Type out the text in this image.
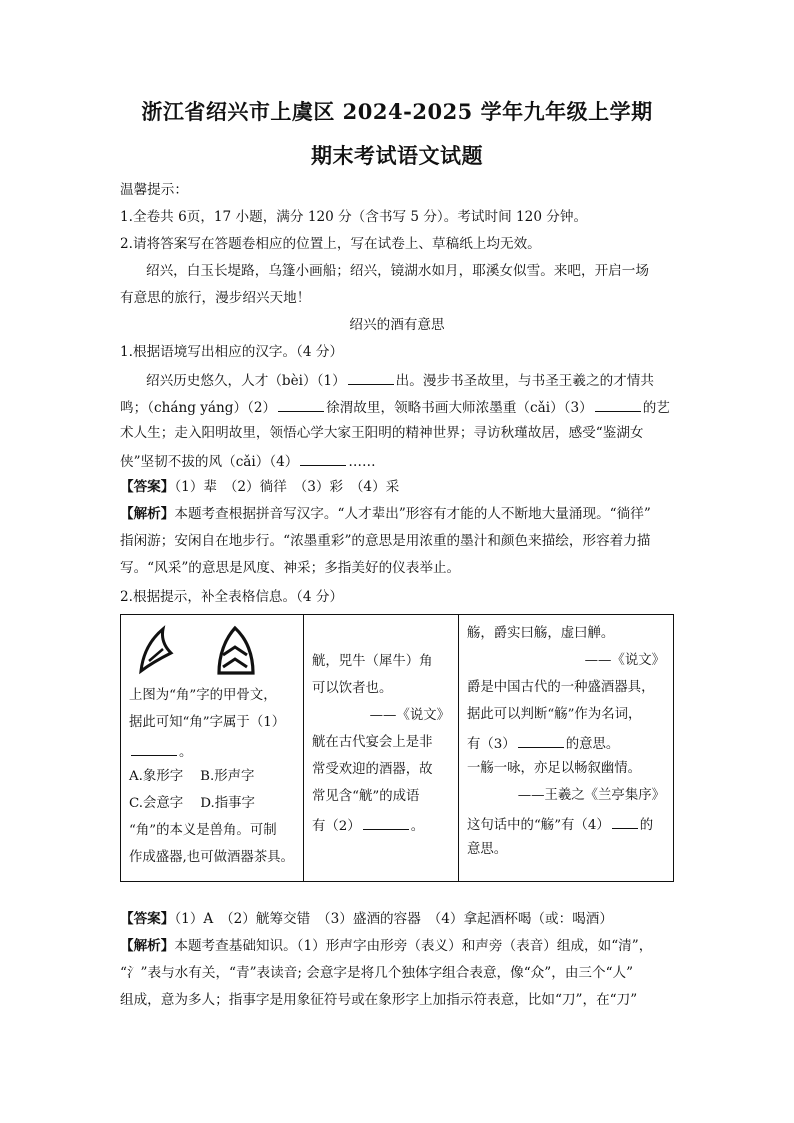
浙江省绍兴市上虞区 2024-2025 学年九年级上学期
期末考试语文试题
温馨提示：
1.全卷共 6页，17 小题，满分 120 分（含书写 5 分）。考试时间 120 分钟。
2.请将答案写在答题卷相应的位置上，写在试卷上、草稿纸上均无效。
绍兴，白玉长堤路，乌篷小画船；绍兴，镜湖水如月，耶溪女似雪。来吧，开启一场
有意思的旅行，漫步绍兴天地！
绍兴的酒有意思
1.根据语境写出相应的汉字。（4 分）
绍兴历史悠久，人才（bèi）（1）	出。漫步书圣故里，与书圣王羲之的才情共
鸣；（cháng yáng）（2）	徐渭故里，领略书画大师浓墨重（cǎi）（3）	的艺
术人生；走入阳明故里，领悟心学大家王阳明的精神世界；寻访秋瑾故居，感受“鉴湖女
侠”坚韧不拔的风（cǎi）（4）	……
【答案】（1）辈　（2）徜徉　（3）彩　（4）采
【解析】本题考查根据拼音写汉字。“人才辈出”形容有才能的人不断地大量涌现。“徜徉”
指闲游；安闲自在地步行。“浓墨重彩”的意思是用浓重的墨汁和颜色来描绘，形容着力描
写。“风采”的意思是风度、神采；多指美好的仪表举止。
2.根据提示，补全表格信息。（4 分）
上图为“角”字的甲骨文，
据此可知“角”字属于（1）
。
A.象形字 B.形声字
C.会意字 D.指事字
“角”的本义是兽角。可制
作成盛器,也可做酒器茶具。

觥，兕牛（犀牛）角
可以饮者也。
——《说文》
觥在古代宴会上是非
常受欢迎的酒器，故
常见含“觥”的成语
有（2）	。

觞，爵实曰觞，虚曰觯。
——《说文》
爵是中国古代的一种盛酒器具，
据此可以判断“觞”作为名词，
有（3）	的意思。
一觞一咏，亦足以畅叙幽情。
——王羲之《兰亭集序》
这句话中的“觞”有（4） 的
意思。
【答案】（1）A　（2）觥筹交错　（3）盛酒的容器　（4）拿起酒杯喝（或：喝酒）
【解析】本题考查基础知识。（1）形声字由形旁（表义）和声旁（表音）组成，如“清”，
“氵”表与水有关，“青”表读音; 会意字是将几个独体字组合表意，像“众”，由三个“人”
组成，意为多人；指事字是用象征符号或在象形字上加指示符表意，比如“刀”，在“刀”
